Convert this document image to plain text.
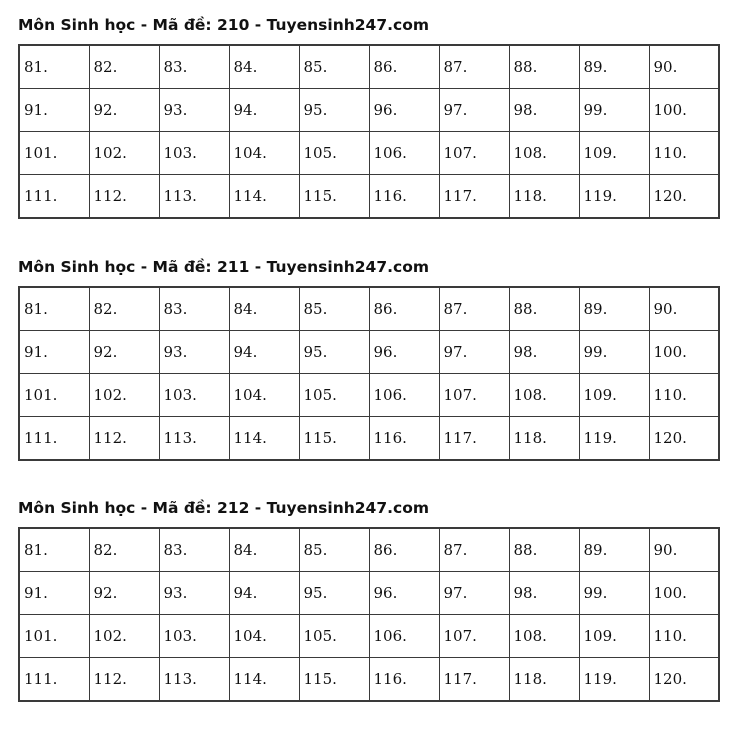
Môn Sinh học - Mã đề: 210 - Tuyensinh247.com
81.	82.	83.	84.	85.	86.	87.	88.	89.	90.
91.	92.	93.	94.	95.	96.	97.	98.	99.	100.
101.	102.	103.	104.	105.	106.	107.	108.	109.	110.
111.	112.	113.	114.	115.	116.	117.	118.	119.	120.
Môn Sinh học - Mã đề: 211 - Tuyensinh247.com
81.	82.	83.	84.	85.	86.	87.	88.	89.	90.
91.	92.	93.	94.	95.	96.	97.	98.	99.	100.
101.	102.	103.	104.	105.	106.	107.	108.	109.	110.
111.	112.	113.	114.	115.	116.	117.	118.	119.	120.
Môn Sinh học - Mã đề: 212 - Tuyensinh247.com
81.	82.	83.	84.	85.	86.	87.	88.	89.	90.
91.	92.	93.	94.	95.	96.	97.	98.	99.	100.
101.	102.	103.	104.	105.	106.	107.	108.	109.	110.
111.	112.	113.	114.	115.	116.	117.	118.	119.	120.
